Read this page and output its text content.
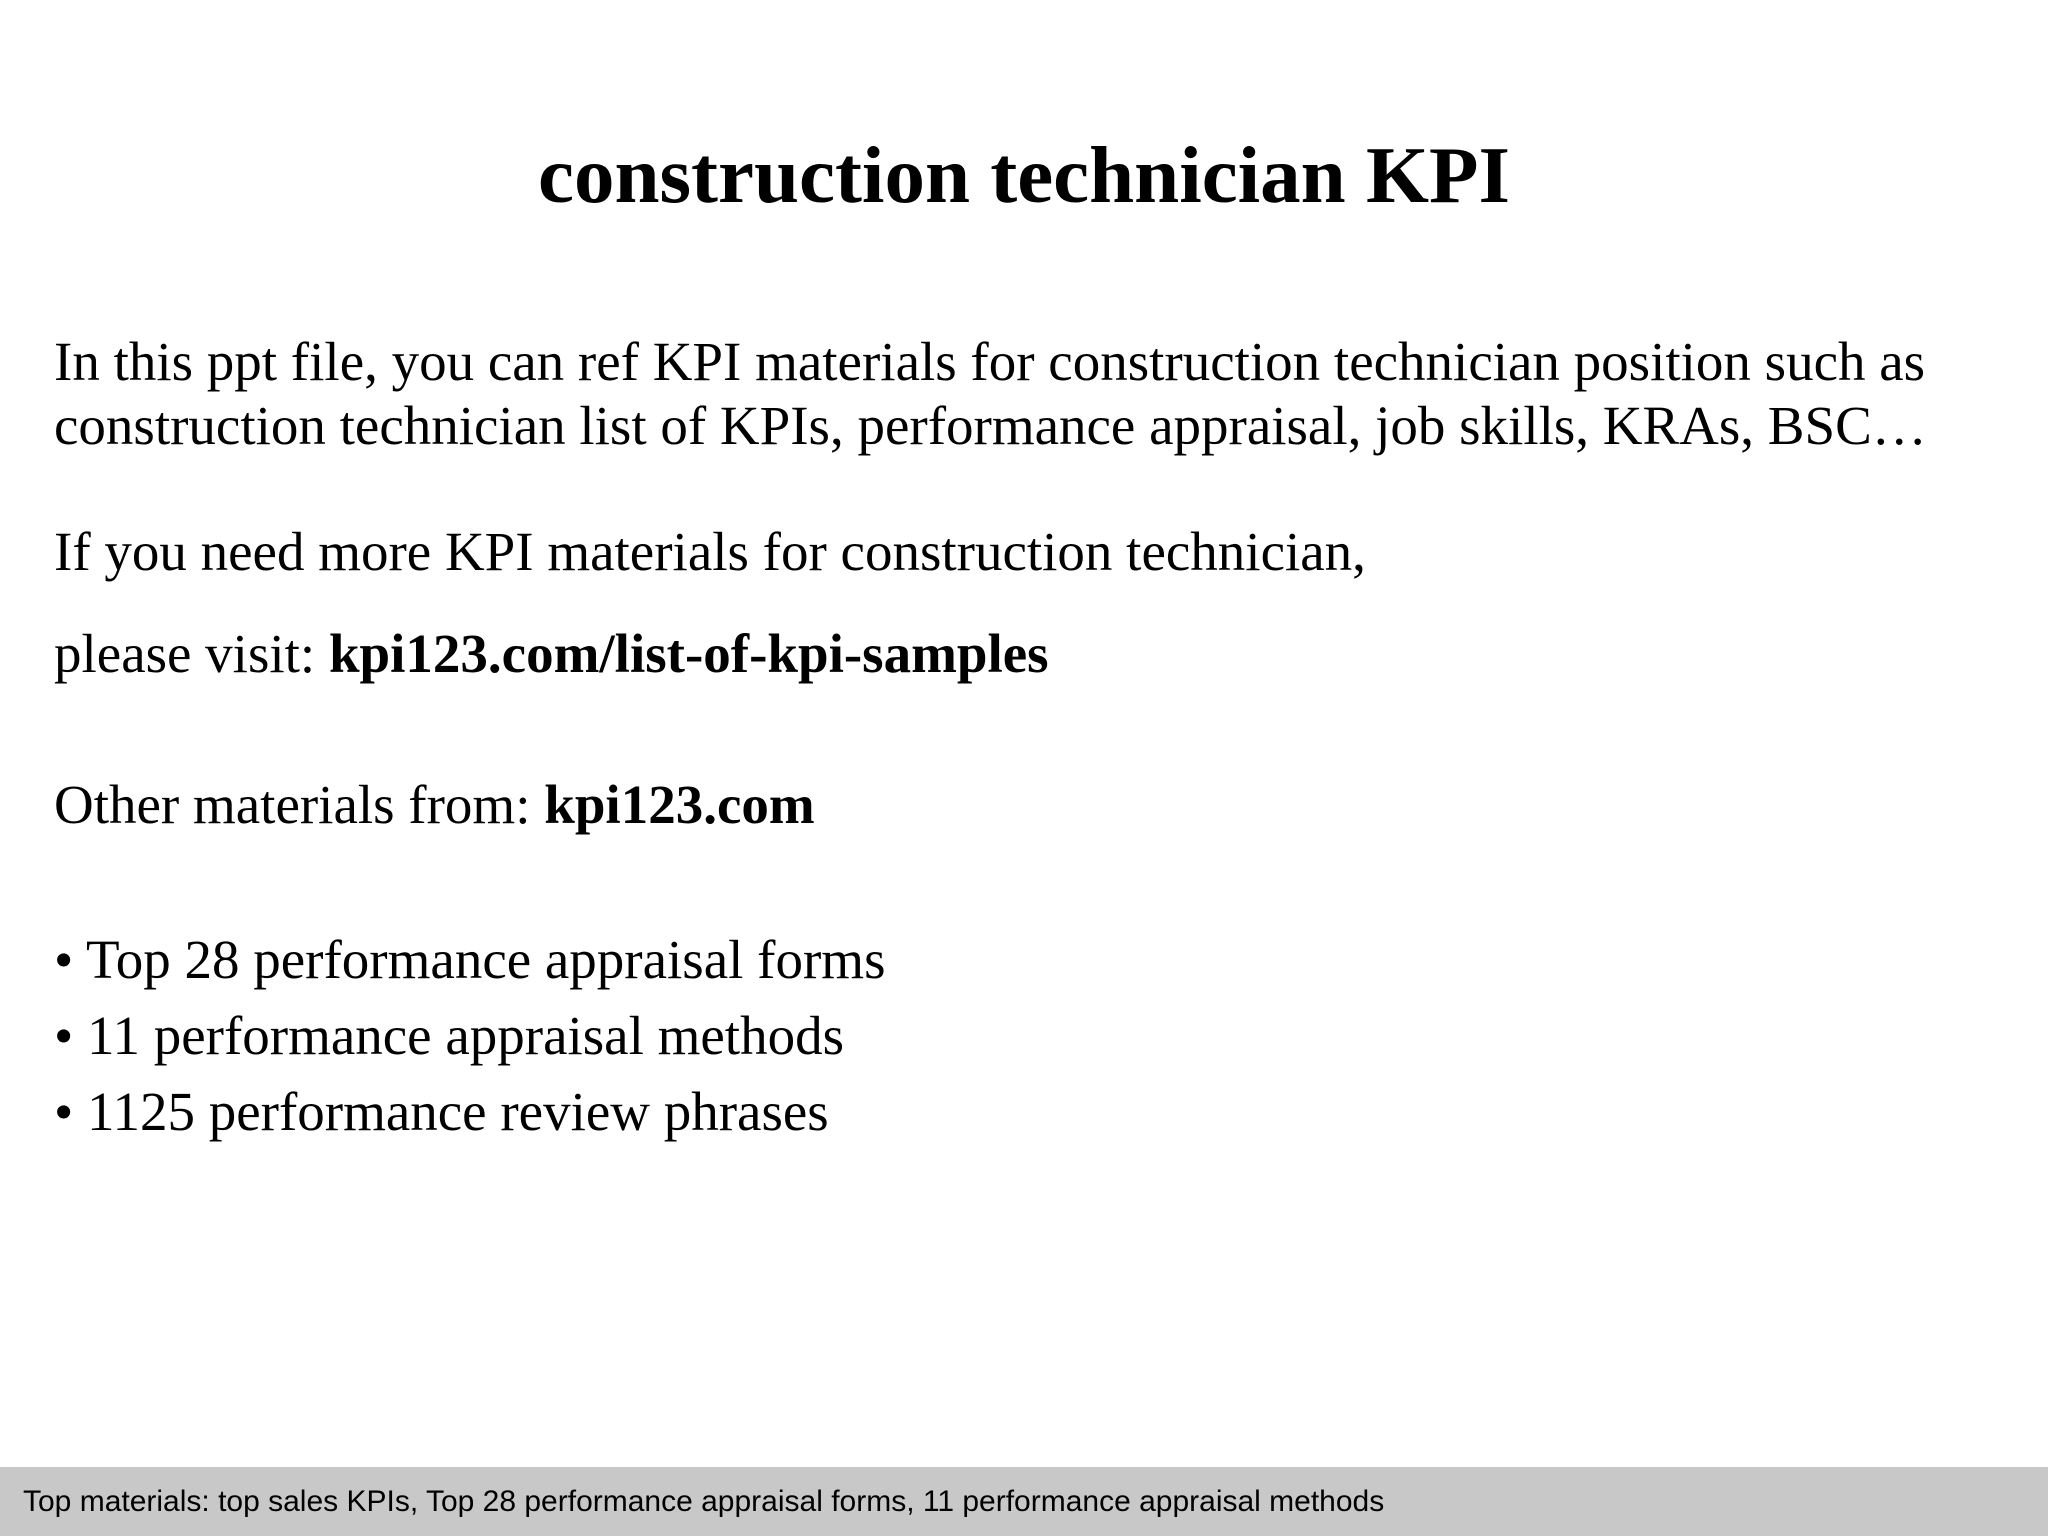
construction technician KPI

In this ppt file, you can ref KPI materials for construction technician position such as
construction technician list of KPIs, performance appraisal, job skills, KRAs, BSC…

If you need more KPI materials for construction technician,

please visit: kpi123.com/list-of-kpi-samples

Other materials from: kpi123.com

• Top 28 performance appraisal forms
• 11 performance appraisal methods
• 1125 performance review phrases
Top materials: top sales KPIs, Top 28 performance appraisal forms, 11 performance appraisal methods
